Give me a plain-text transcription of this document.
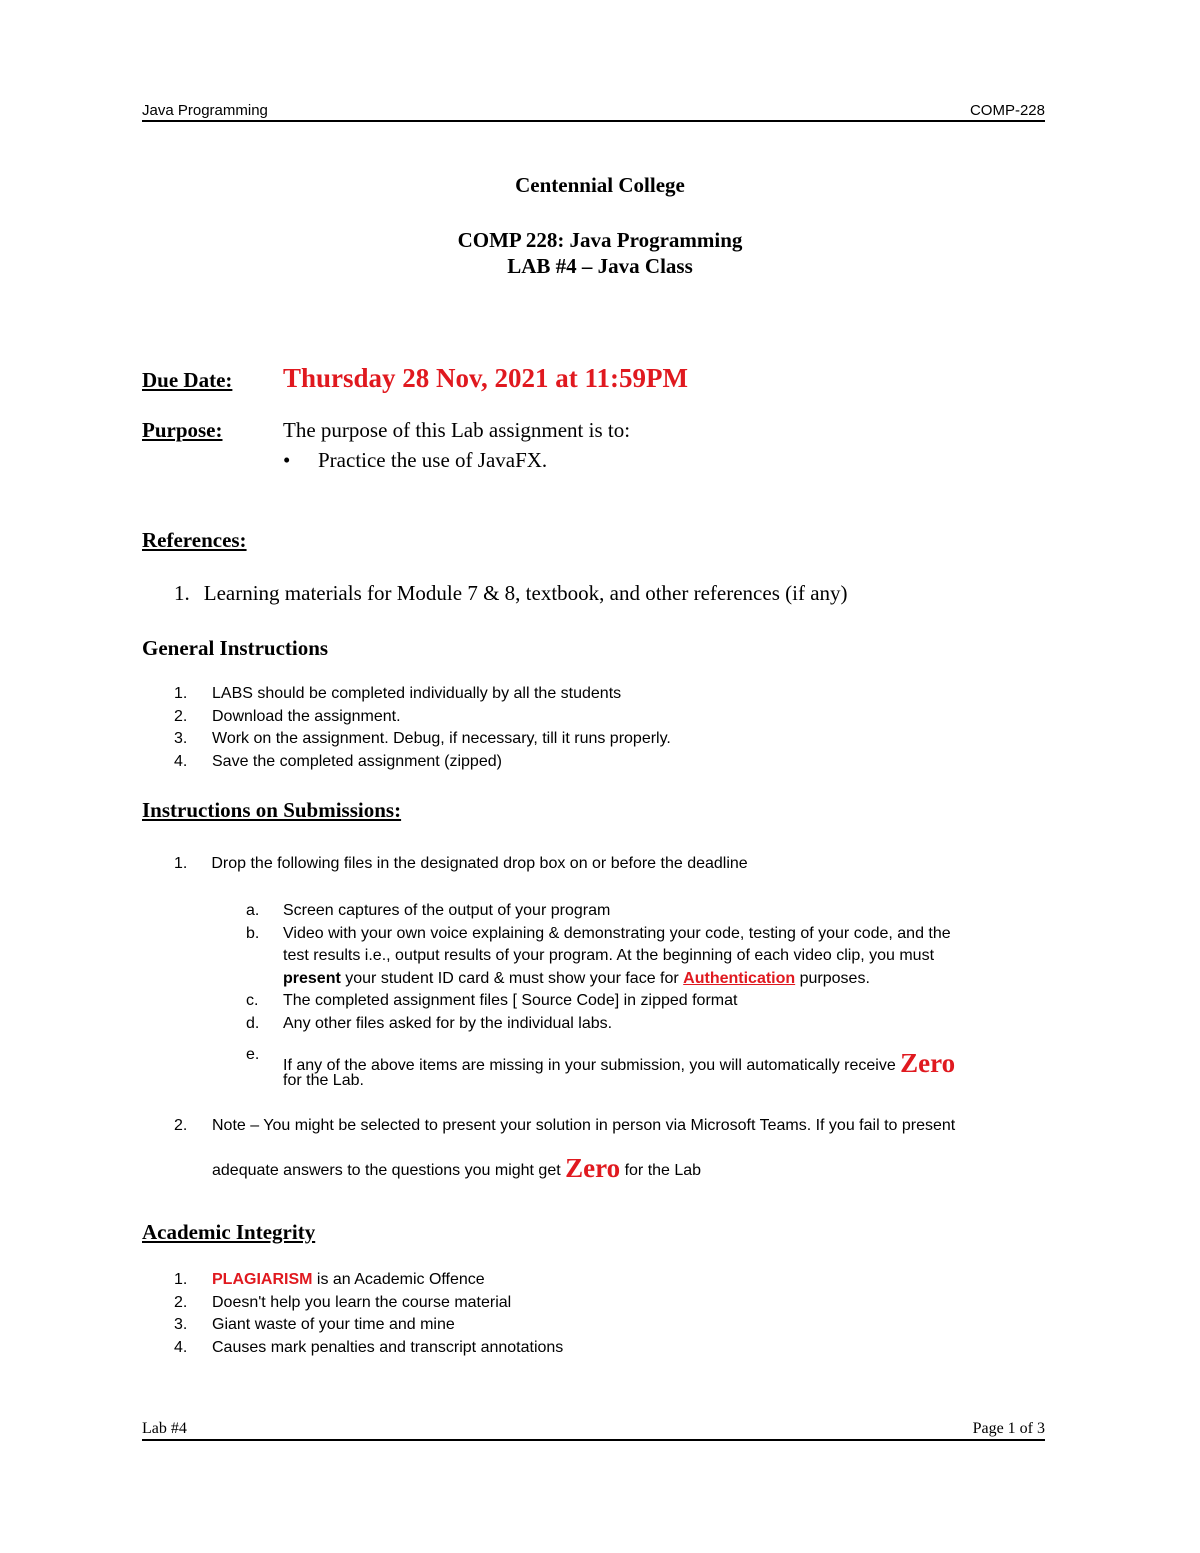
Java Programming	COMP-228
Centennial College
COMP 228: Java Programming
LAB #4 – Java Class
Due Date: Thursday 28 Nov, 2021 at 11:59PM
Purpose:	The purpose of this Lab assignment is to:
• Practice the use of JavaFX.
References:
1. Learning materials for Module 7 & 8, textbook, and other references (if any)
General Instructions
1. LABS should be completed individually by all the students
2. Download the assignment.
3. Work on the assignment. Debug, if necessary, till it runs properly.
4. Save the completed assignment (zipped)
Instructions on Submissions:
1. Drop the following files in the designated drop box on or before the deadline
a. Screen captures of the output of your program
b. Video with your own voice explaining & demonstrating your code, testing of your code, and the
test results i.e., output results of your program. At the beginning of each video clip, you must
present your student ID card & must show your face for Authentication purposes.
c. The completed assignment files [ Source Code] in zipped format
d. Any other files asked for by the individual labs.
e.
If any of the above items are missing in your submission, you will automatically receive Zero
for the Lab.
2. Note – You might be selected to present your solution in person via Microsoft Teams. If you fail to present
adequate answers to the questions you might get Zero for the Lab
Academic Integrity
1. PLAGIARISM is an Academic Offence
2. Doesn't help you learn the course material
3. Giant waste of your time and mine
4. Causes mark penalties and transcript annotations
Lab #4	Page 1 of 3
